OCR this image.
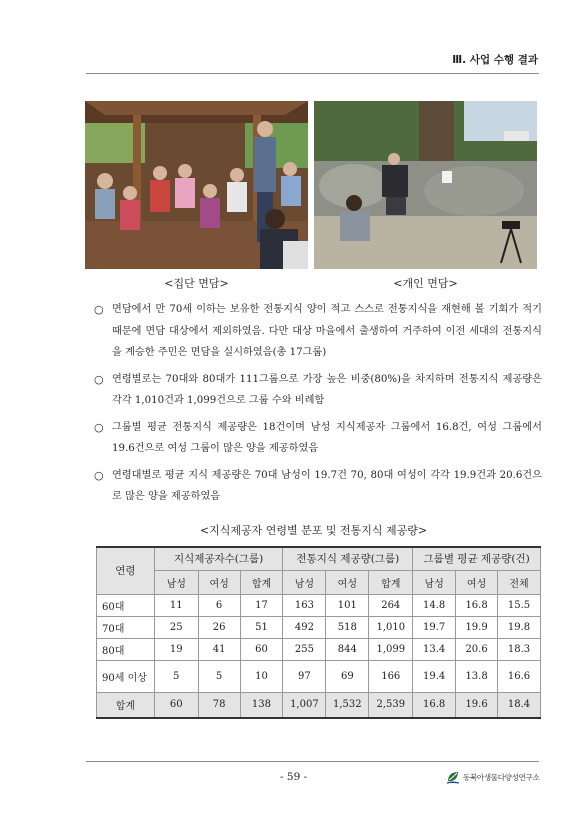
Ⅲ. 사업 수행 결과
<집단 면담>	<개인 면담>
○ 면담에서 만 70세 이하는 보유한 전통지식 양이 적고 스스로 전통지식을 재현해 볼 기회가 적기 때문에 면담 대상에서 제외하였음. 다만 대상 마을에서 출생하여 거주하여 이전 세대의 전통지식을 계승한 주민은 면담을 실시하였음(총 17그룹)
○ 연령별로는 70대와 80대가 111그룹으로 가장 높은 비중(80%)을 차지하며 전통지식 제공량은 각각 1,010건과 1,099건으로 그룹 수와 비례함
○ 그룹별 평균 전통지식 제공량은 18건이며 남성 지식제공자 그룹에서 16.8건, 여성 그룹에서 19.6건으로 여성 그룹이 많은 양을 제공하였음
○ 연령대별로 평균 지식 제공량은 70대 남성이 19.7건 70, 80대 여성이 각각 19.9건과 20.6건으로 많은 양을 제공하였음
<지식제공자 연령별 분포 및 전통지식 제공량>
연령	지식제공자수(그룹)			전통지식 제공량(그룹)			그룹별 평균 제공량(건)		
	남성	여성	합계	남성	여성	합계	남성	여성	전체
60대	11	6	17	163	101	264	14.8	16.8	15.5
70대	25	26	51	492	518	1,010	19.7	19.9	19.8
80대	19	41	60	255	844	1,099	13.4	20.6	18.3
90세 이상	5	5	10	97	69	166	19.4	13.8	16.6
합계	60	78	138	1,007	1,532	2,539	16.8	19.6	18.4
- 59 -	동북아생물다양성연구소
